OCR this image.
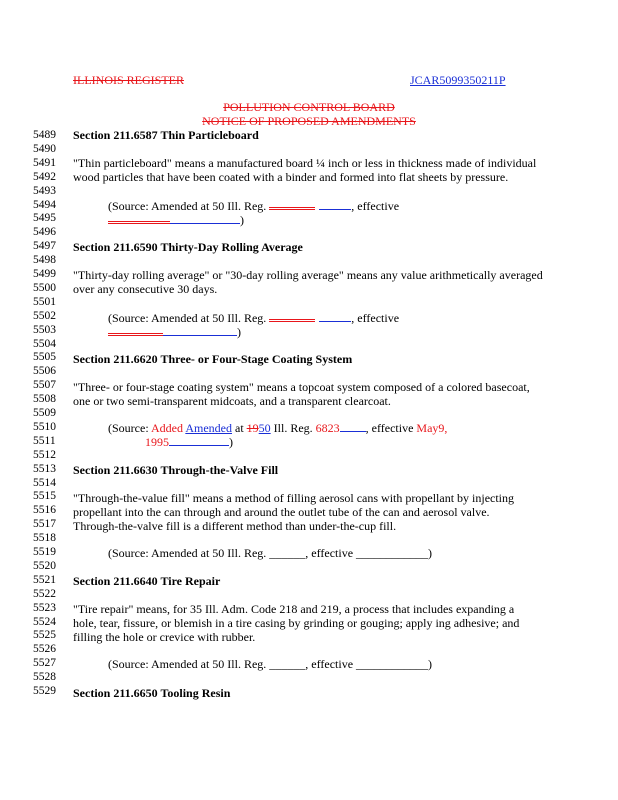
ILLINOIS REGISTER	JCAR5099350211P
POLLUTION CONTROL BOARD
NOTICE OF PROPOSED AMENDMENTS
5489
5490
5491
5492
5493
5494
5495
5496
5497
5498
5499
5500
5501
5502
5503
5504
5505
5506
5507
5508
5509
5510
5511
5512
5513
5514
5515
5516
5517
5518
5519
5520
5521
5522
5523
5524
5525
5526
5527
5528
5529
Section 211.6587 Thin Particleboard
"Thin particleboard" means a manufactured board ¼ inch or less in thickness made of individual
wood particles that have been coated with a binder and formed into flat sheets by pressure.
(Source: Amended at 50 Ill. Reg.	, effective
)
Section 211.6590 Thirty-Day Rolling Average
"Thirty-day rolling average" or "30-day rolling average" means any value arithmetically averaged
over any consecutive 30 days.
(Source: Amended at 50 Ill. Reg.	, effective
)
Section 211.6620 Three- or Four-Stage Coating System
"Three- or four-stage coating system" means a topcoat system composed of a colored basecoat,
one or two semi-transparent midcoats, and a transparent clearcoat.
(Source: Added Amended at 1950 Ill. Reg. 6823 , effective May9,
1995	)
Section 211.6630 Through-the-Valve Fill
"Through-the-value fill" means a method of filling aerosol cans with propellant by injecting
propellant into the can through and around the outlet tube of the can and aerosol valve.
Through-the-valve fill is a different method than under-the-cup fill.
(Source: Amended at 50 Ill. Reg. ______, effective ____________)
Section 211.6640 Tire Repair
"Tire repair" means, for 35 Ill. Adm. Code 218 and 219, a process that includes expanding a
hole, tear, fissure, or blemish in a tire casing by grinding or gouging; apply ing adhesive; and
filling the hole or crevice with rubber.
(Source: Amended at 50 Ill. Reg. ______, effective ____________)
Section 211.6650 Tooling Resin
